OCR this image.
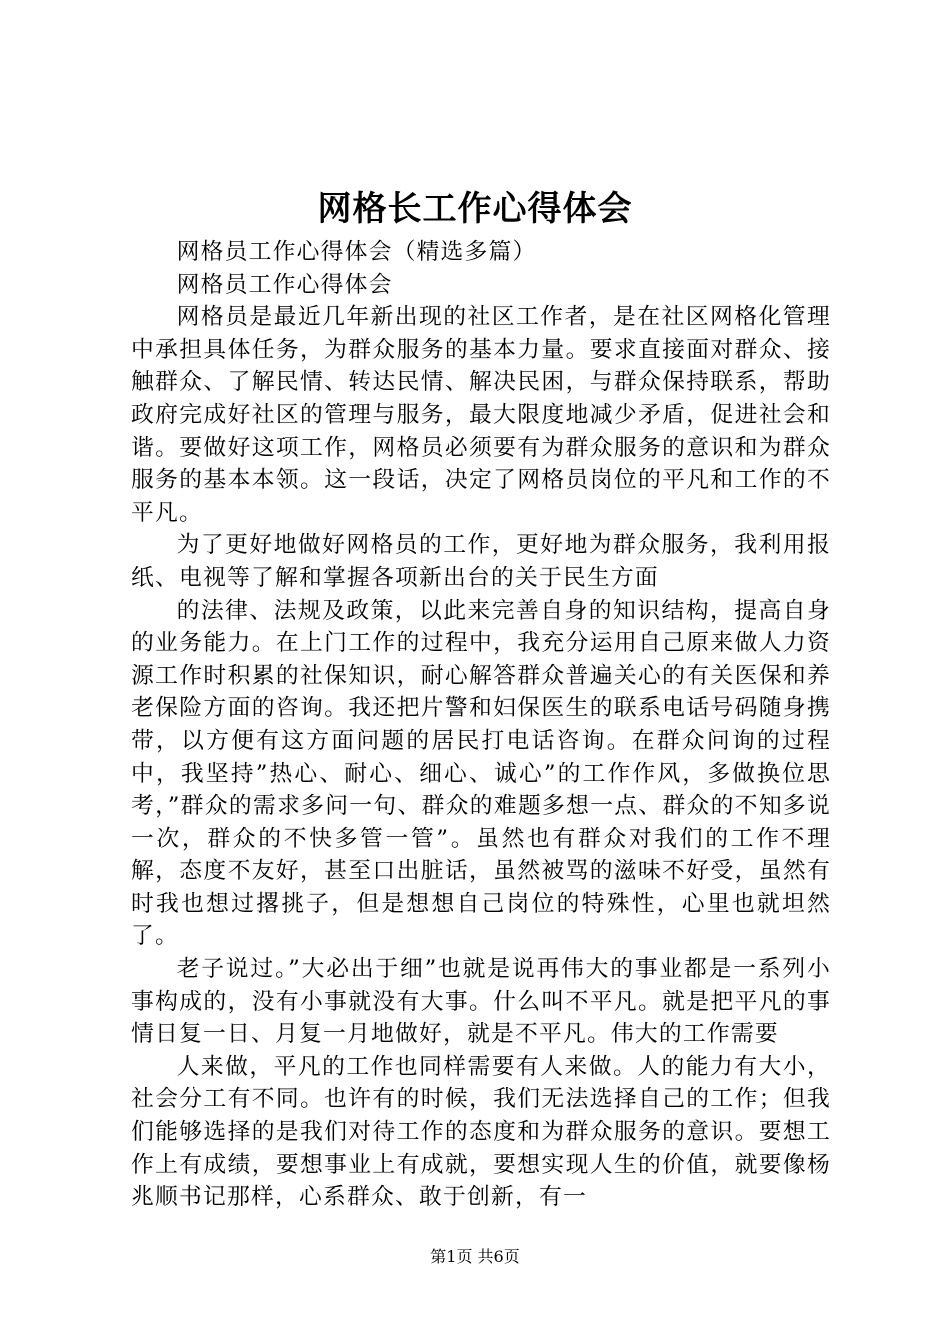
网格长工作心得体会

网格员工作心得体会（精选多篇）

网格员工作心得体会

网格员是最近几年新出现的社区工作者，是在社区网格化管理中承担具体任务，为群众服务的基本力量。要求直接面对群众、接触群众、了解民情、转达民情、解决民困，与群众保持联系，帮助政府完成好社区的管理与服务，最大限度地减少矛盾，促进社会和谐。要做好这项工作，网格员必须要有为群众服务的意识和为群众服务的基本本领。这一段话，决定了网格员岗位的平凡和工作的不平凡。

为了更好地做好网格员的工作，更好地为群众服务，我利用报纸、电视等了解和掌握各项新出台的关于民生方面

的法律、法规及政策，以此来完善自身的知识结构，提高自身的业务能力。在上门工作的过程中，我充分运用自己原来做人力资源工作时积累的社保知识，耐心解答群众普遍关心的有关医保和养老保险方面的咨询。我还把片警和妇保医生的联系电话号码随身携带，以方便有这方面问题的居民打电话咨询。在群众问询的过程中，我坚持”热心、耐心、细心、诚心”的工作作风，多做换位思考，”群众的需求多问一句、群众的难题多想一点、群众的不知多说一次，群众的不快多管一管”。虽然也有群众对我们的工作不理解，态度不友好，甚至口出脏话，虽然被骂的滋味不好受，虽然有时我也想过撂挑子，但是想想自己岗位的特殊性，心里也就坦然了。

老子说过。”大必出于细”也就是说再伟大的事业都是一系列小事构成的，没有小事就没有大事。什么叫不平凡。就是把平凡的事情日复一日、月复一月地做好，就是不平凡。伟大的工作需要

人来做，平凡的工作也同样需要有人来做。人的能力有大小，社会分工有不同。也许有的时候，我们无法选择自己的工作；但我们能够选择的是我们对待工作的态度和为群众服务的意识。要想工作上有成绩，要想事业上有成就，要想实现人生的价值，就要像杨兆顺书记那样，心系群众、敢于创新，有一

第1页 共6页
